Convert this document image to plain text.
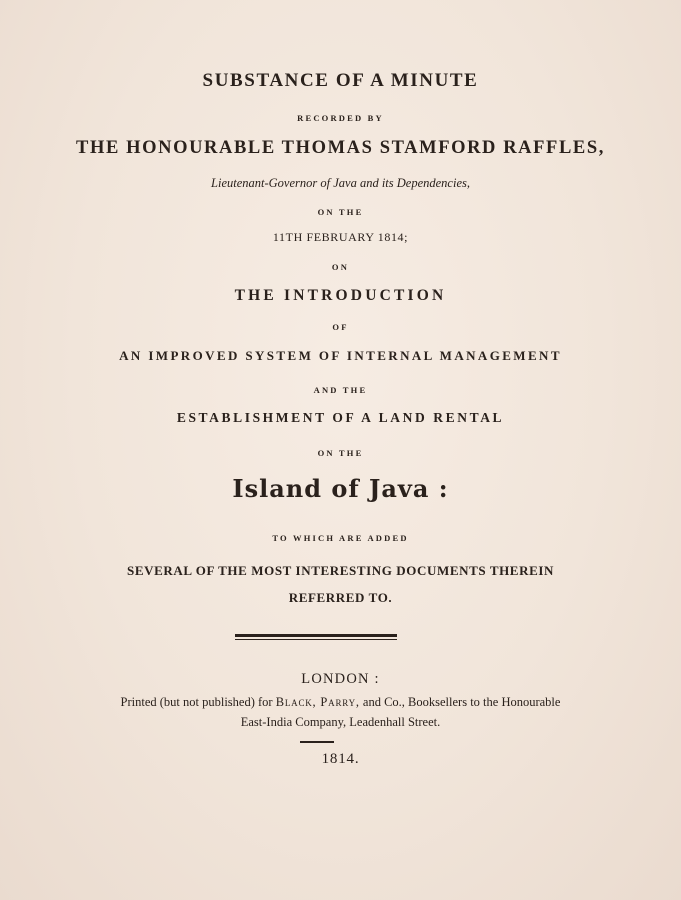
SUBSTANCE OF A MINUTE
RECORDED BY
THE HONOURABLE THOMAS STAMFORD RAFFLES,
Lieutenant-Governor of Java and its Dependencies,
ON THE
11TH FEBRUARY 1814;
ON
THE INTRODUCTION
OF
AN IMPROVED SYSTEM OF INTERNAL MANAGEMENT
AND THE
ESTABLISHMENT OF A LAND RENTAL
ON THE
Island of Java :
TO WHICH ARE ADDED
SEVERAL OF THE MOST INTERESTING DOCUMENTS THEREIN
REFERRED TO.
LONDON :
Printed (but not published) for Black, Parry, and Co., Booksellers to the Honourable
East-India Company, Leadenhall Street.
1814.
